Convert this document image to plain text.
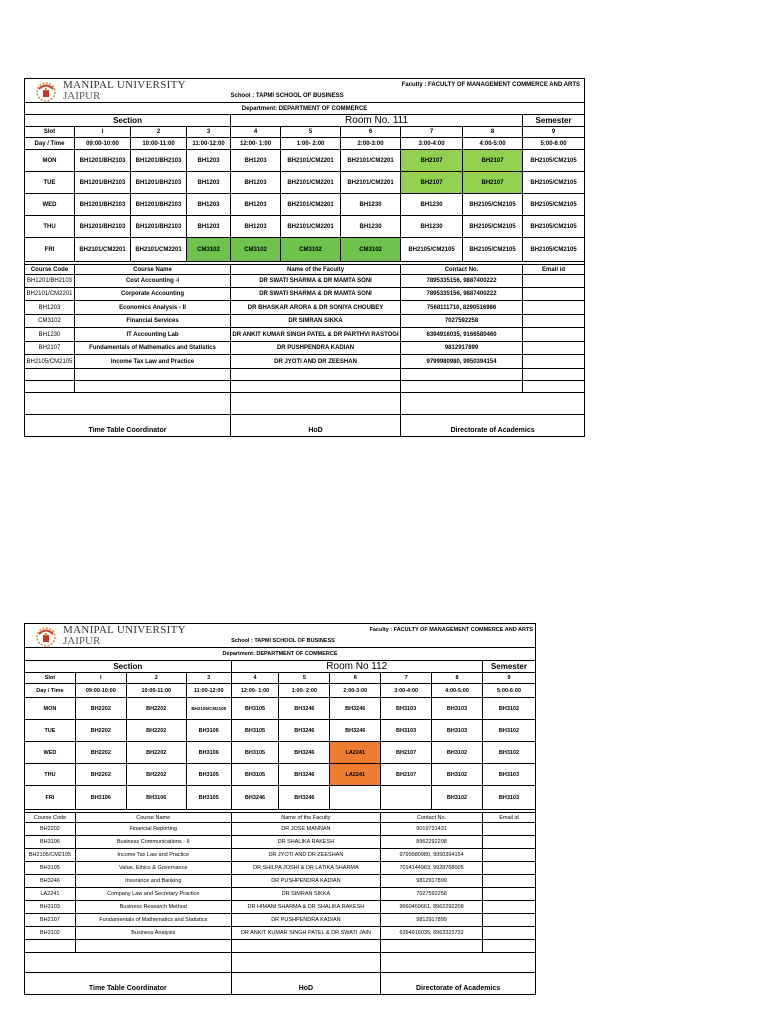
MANIPAL UNIVERSITY
JAIPUR				Faculty : FACULTY OF MANAGEMENT COMMERCE AND ARTS					
				School : TAPMI SCHOOL OF BUSINESS					
Department: DEPARTMENT OF COMMERCE									
Section				Room No. 111					Semester
Slot	I	2	3	4	5	6	7	8	9
Day / Time	09:00-10:00	10:00-11:00	11:00-12:00	12:00- 1:00	1:00- 2:00	2:00-3:00	3:00-4:00	4:00-5:00	5:00-6:00
MON	BH1201/BH2103	BH1201/BH2103	BH1203	BH1203	BH2101/CM2201	BH2101/CM2201	BH2107	BH2107	BH2105/CM2105
TUE	BH1201/BH2103	BH1201/BH2103	BH1203	BH1203	BH2101/CM2201	BH2101/CM2201	BH2107	BH2107	BH2105/CM2105
WED	BH1201/BH2103	BH1201/BH2103	BH1203	BH1203	BH2101/CM2201	BH1230	BH1230	BH2105/CM2105	BH2105/CM2105
THU	BH1201/BH2103	BH1201/BH2103	BH1203	BH1203	BH2101/CM2201	BH1230	BH1230	BH2105/CM2105	BH2105/CM2105
FRI	BH2101/CM2201	BH2101/CM2201	CM3102	CM3102	CM3102	CM3102	BH2105/CM2105	BH2105/CM2105	BH2105/CM2105

Course Code	Course Name			Name of the Faculty			Contact No.		Email id
BH1201/BH2103	Cost Accounting -I			DR SWATI SHARMA & DR MAMTA SONI			7895335156, 9887400222		
BH2101/CM2201	Corporate Accounting			DR SWATI SHARMA & DR MAMTA SONI			7895335156, 9887400222		
BH1203	Economics Analysis - II			DR BHASKAR ARORA & DR SONIYA CHOUBEY			7568111710, 8290516986		
CM3102	Financial Services			DR SIMRAN SIKKA			7027592258		
BH1230	IT Accounting Lab			DR ANKIT KUMAR SINGH PATEL & DR PARTHVI RASTOGI			6394916035, 9166580460		
BH2107	Fundamentals of Mathematics and Statistics			DR PUSHPENDRA KADIAN			9812917899		
BH2105/CM2105	Income Tax Law and Practice			DR JYOTI AND DR ZEESHAN			9799980980, 9950394154		

Time Table Coordinator				HoD			Directorate of Academics		
MANIPAL UNIVERSITY
JAIPUR				Faculty : FACULTY OF MANAGEMENT COMMERCE AND ARTS					
				School : TAPMI SCHOOL OF BUSINESS					
Department: DEPARTMENT OF COMMERCE									
Section				Room No 112					Semester
Slot	I	2	3	4	5	6	7	8	9
Day / Time	09:00-10:00	10:00-11:00	11:00-12:00	12:00- 1:00	1:00- 2:00	2:00-3:00	3:00-4:00	4:00-5:00	5:00-6:00
MON	BH2202	BH2202	BH2105/CM2105	BH3105	BH3246	BH3246	BH3103	BH3103	BH3102
TUE	BH2202	BH2202	BH3106	BH3105	BH3246	BH3246	BH3103	BH3103	BH3102
WED	BH2202	BH2202	BH3106	BH3105	BH3246	LA2241	BH2107	BH3102	BH3102
THU	BH2202	BH2202	BH3105	BH3105	BH3246	LA2241	BH2107	BH3102	BH3103
FRI	BH3106	BH3106	BH3105	BH3246	BH3246			BH3102	BH3103

Course Code	Course Name			Name of the Faculty			Contact No.		Email id
BH2202	Financial Reporting			DR JOSE MANNAN			9019731431		
BH3106	Business Communications - II			DR SHALIKA RAKESH			8962292208		
BH2105/CM2105	Income Tax Law and Practice			DR JYOTI AND DR ZEESHAN			9799980980, 9950394154		
BH3105	Value, Ethics & Governance			DR SHILPA JOSHI & DR LATIKA SHARMA			7014144963, 9928768005		
BH3246	Insurance and Banking			DR PUSHPENDRA KADIAN			9812917899		
LA2241	Company Law and Secretary Practice			DR SIMRAN SIKKA			7027592258		
BH3103	Business Research Method			DR HIMANI SHARMA & DR SHALIKA RAKESH			9660469661, 8962292208		
BH2107	Fundamentals of Mathematics and Statistics			DR PUSHPENDRA KADIAN			9812917899		
BH3102	Business Analysis			DR ANKIT KUMAR SINGH PATEL & DR SWATI JAIN			6394916035, 8963323732		

Time Table Coordinator				HoD			Directorate of Academics		
